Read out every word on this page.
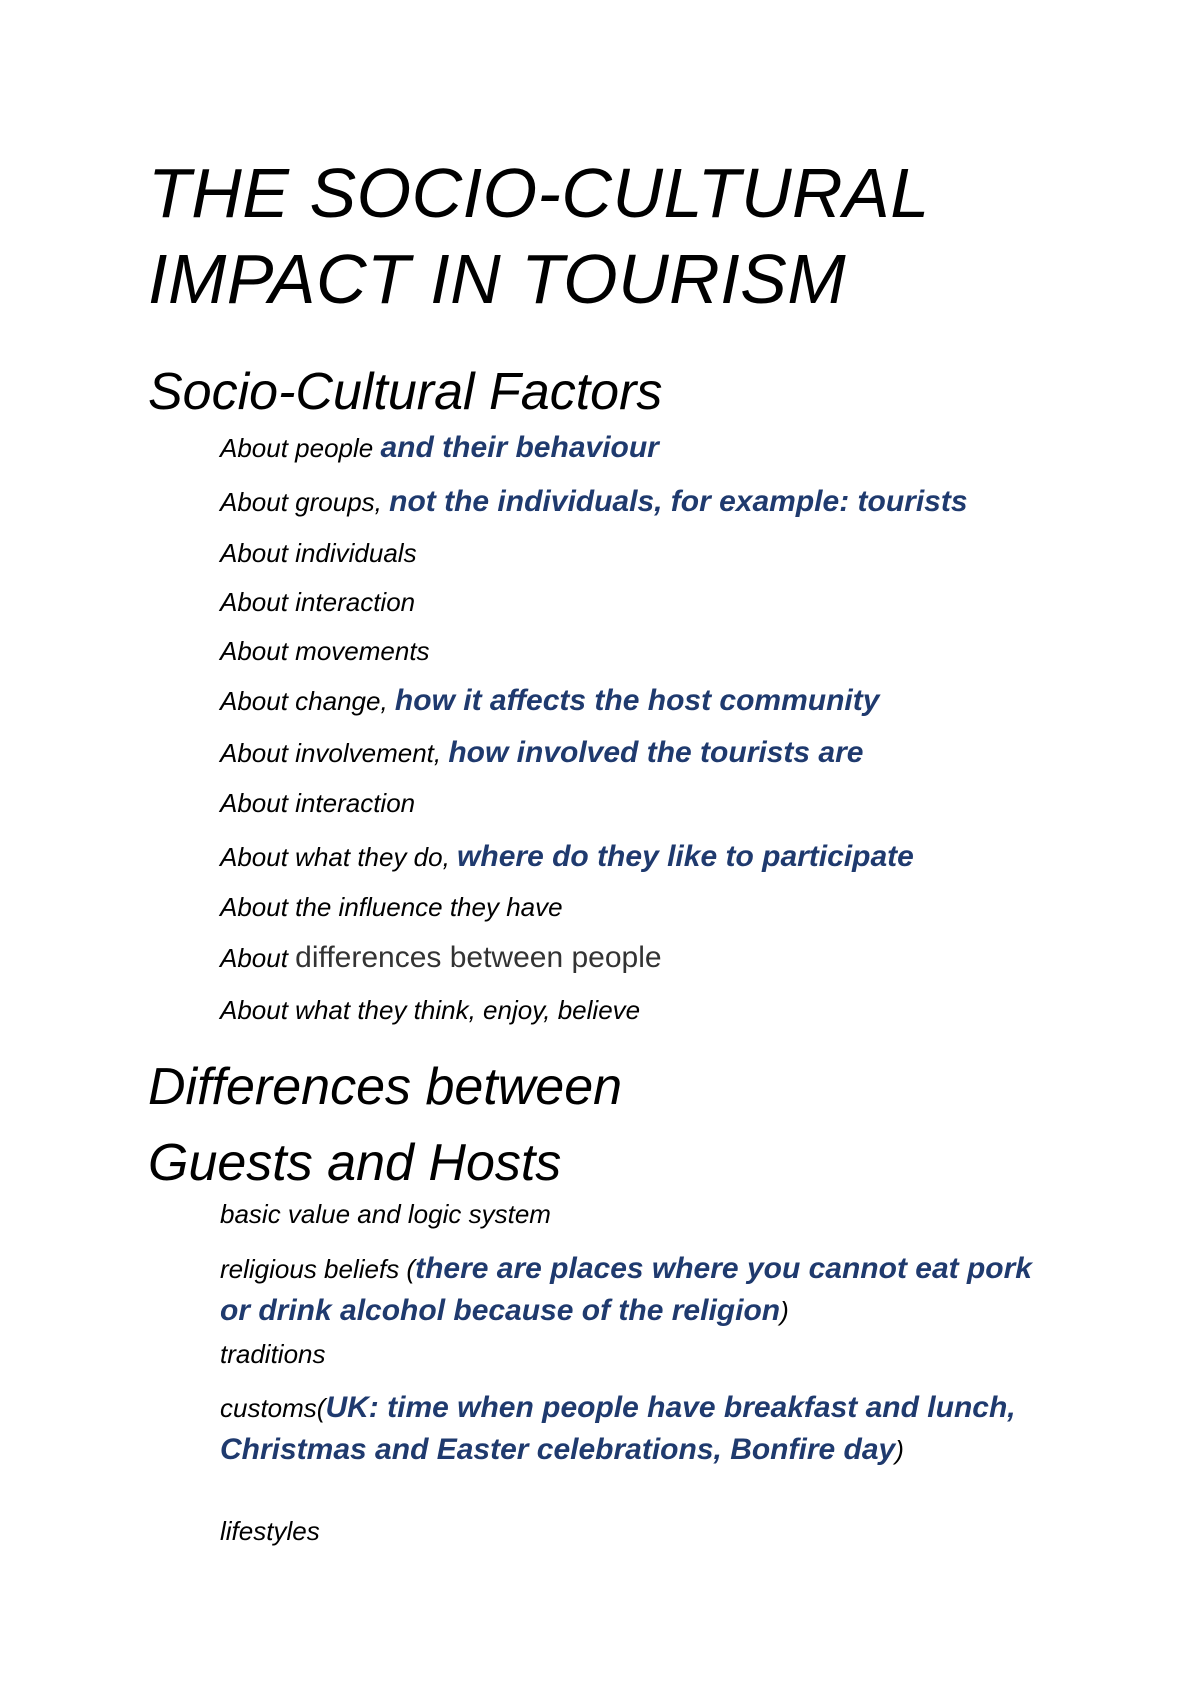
THE SOCIO-CULTURAL
IMPACT IN TOURISM
Socio-Cultural Factors
About people and their behaviour
About groups, not the individuals, for example: tourists
About individuals
About interaction
About movements
About change, how it affects the host community
About involvement, how involved the tourists are
About interaction
About what they do, where do they like to participate
About the influence they have
About differences between people
About what they think, enjoy, believe
Differences between
Guests and Hosts
basic value and logic system
religious beliefs (there are places where you cannot eat pork or drink alcohol because of the religion)
traditions
customs(UK: time when people have breakfast and lunch, Christmas and Easter celebrations, Bonfire day)
lifestyles
